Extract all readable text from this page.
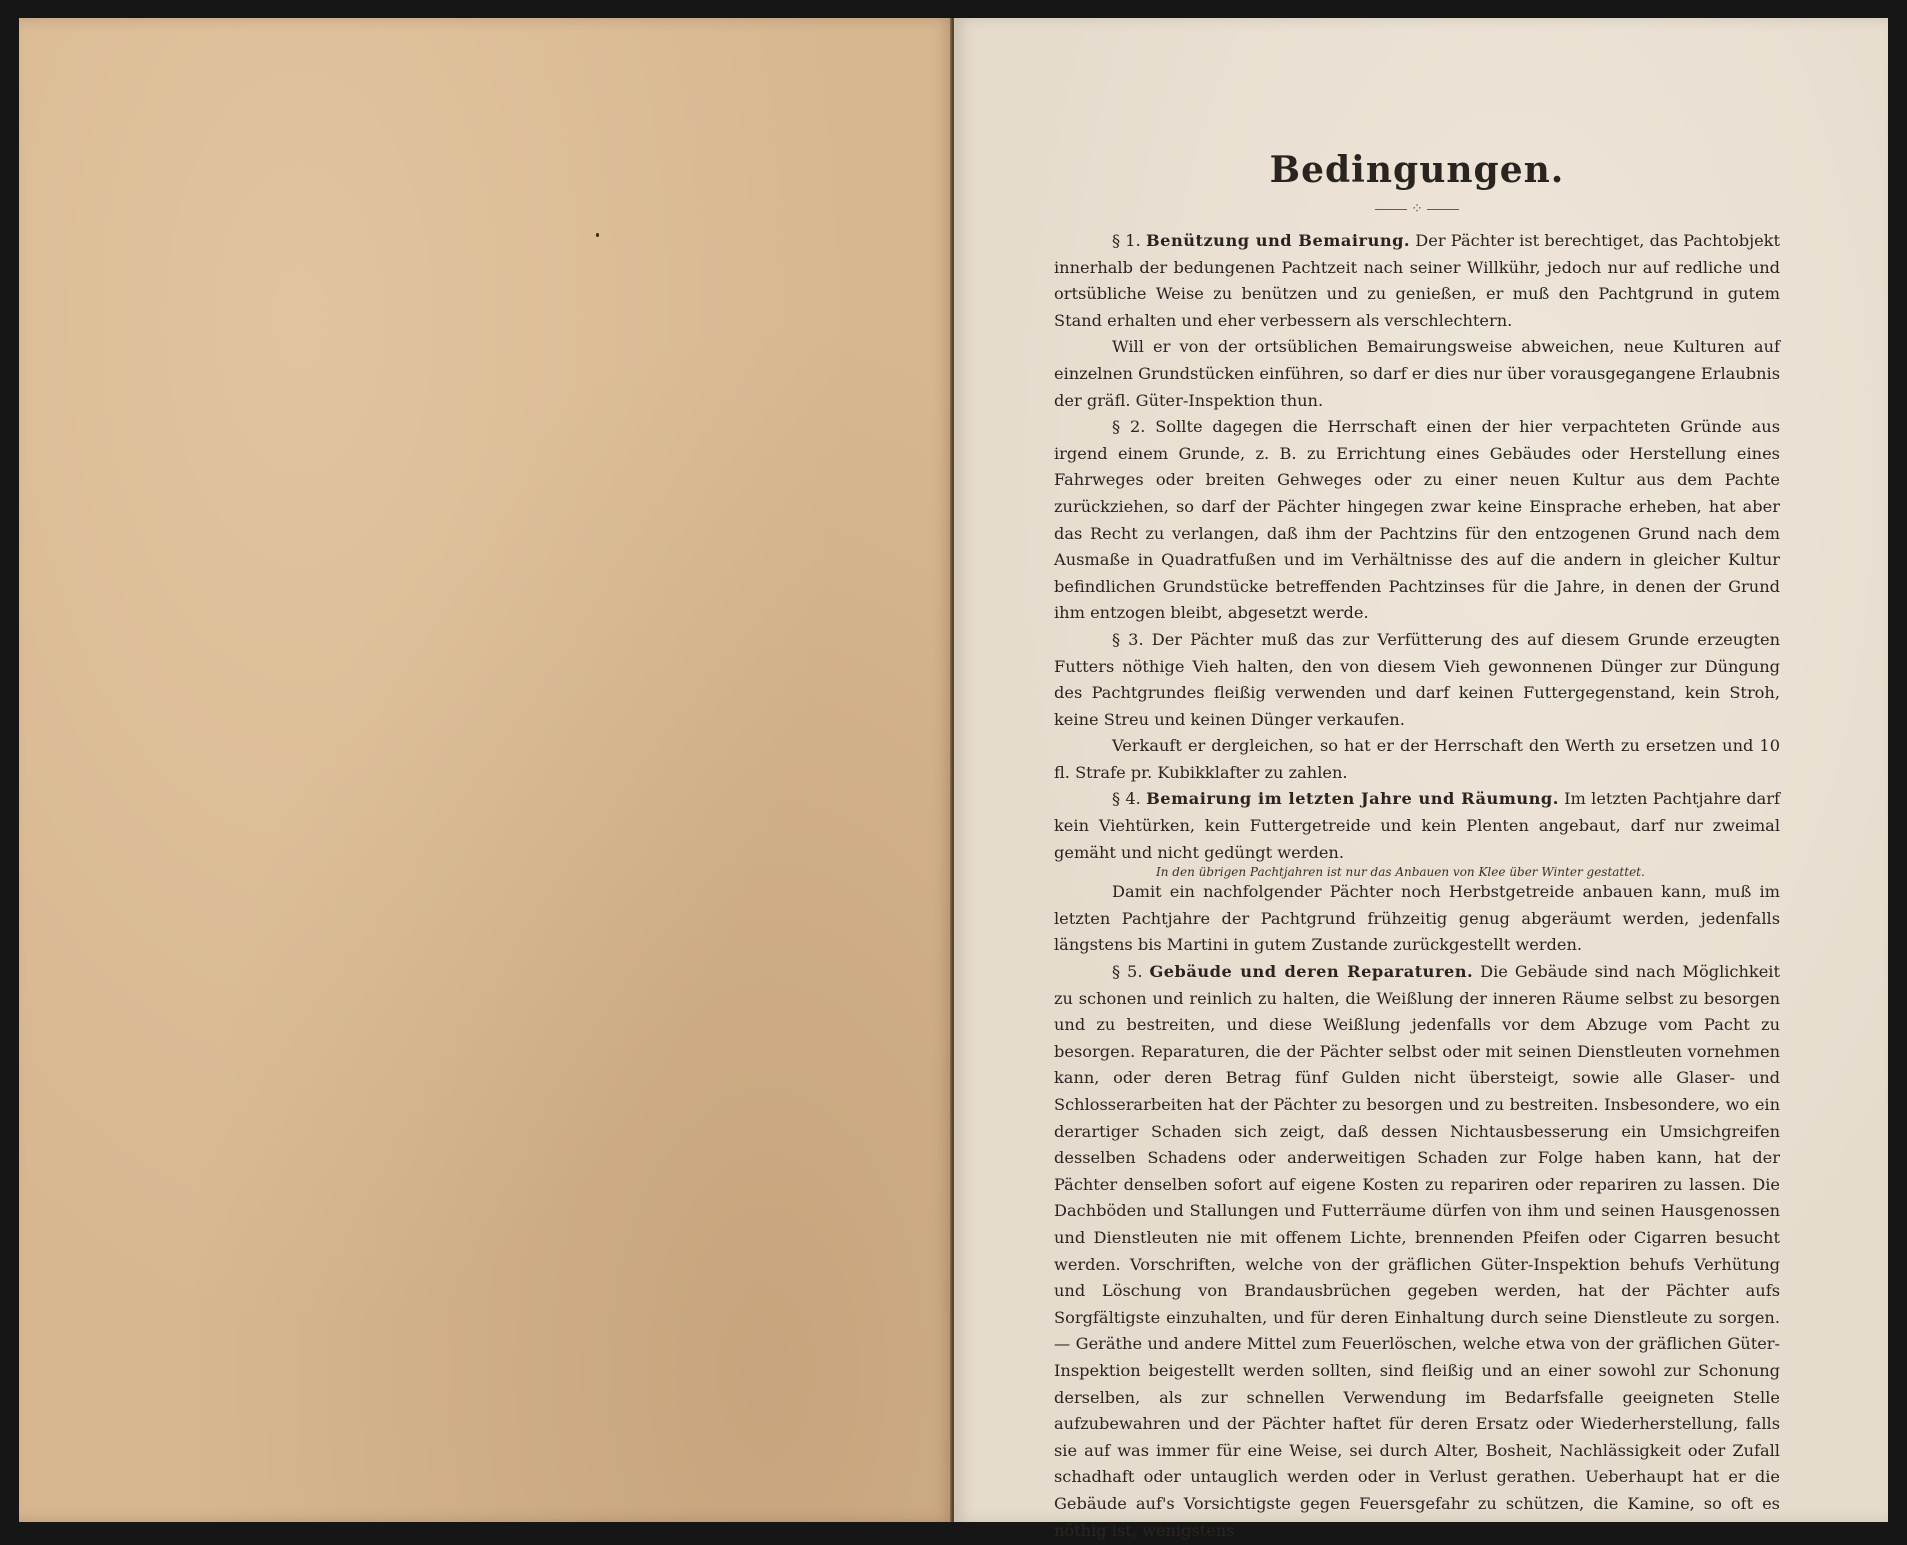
Bedingungen.
⁘

§ 1. Benützung und Bemairung. Der Pächter ist berechtiget, das Pachtobjekt innerhalb der bedungenen Pachtzeit nach seiner Willkühr, jedoch nur auf redliche und ortsübliche Weise zu benützen und zu genießen, er muß den Pachtgrund in gutem Stand erhalten und eher verbessern als verschlechtern.

Will er von der ortsüblichen Bemairungsweise abweichen, neue Kulturen auf einzelnen Grundstücken einführen, so darf er dies nur über vorausgegangene Erlaubnis der gräfl. Güter-Inspektion thun.

§ 2. Sollte dagegen die Herrschaft einen der hier verpachteten Gründe aus irgend einem Grunde, z. B. zu Errichtung eines Gebäudes oder Herstellung eines Fahrweges oder breiten Gehweges oder zu einer neuen Kultur aus dem Pachte zurückziehen, so darf der Pächter hingegen zwar keine Einsprache erheben, hat aber das Recht zu verlangen, daß ihm der Pachtzins für den entzogenen Grund nach dem Ausmaße in Quadratfußen und im Verhältnisse des auf die andern in gleicher Kultur befindlichen Grundstücke betreffenden Pachtzinses für die Jahre, in denen der Grund ihm entzogen bleibt, abgesetzt werde.

§ 3. Der Pächter muß das zur Verfütterung des auf diesem Grunde erzeugten Futters nöthige Vieh halten, den von diesem Vieh gewonnenen Dünger zur Düngung des Pachtgrundes fleißig verwenden und darf keinen Futtergegenstand, kein Stroh, keine Streu und keinen Dünger verkaufen.

Verkauft er dergleichen, so hat er der Herrschaft den Werth zu ersetzen und 10 fl. Strafe pr. Kubikklafter zu zahlen.

§ 4. Bemairung im letzten Jahre und Räumung. Im letzten Pachtjahre darf kein Viehtürken, kein Futtergetreide und kein Plenten angebaut, darf nur zweimal gemäht und nicht gedüngt werden.

In den übrigen Pachtjahren ist nur das Anbauen von Klee über Winter gestattet.

Damit ein nachfolgender Pächter noch Herbstgetreide anbauen kann, muß im letzten Pachtjahre der Pachtgrund frühzeitig genug abgeräumt werden, jedenfalls längstens bis Martini in gutem Zustande zurückgestellt werden.

§ 5. Gebäude und deren Reparaturen. Die Gebäude sind nach Möglichkeit zu schonen und reinlich zu halten, die Weißlung der inneren Räume selbst zu besorgen und zu bestreiten, und diese Weißlung jedenfalls vor dem Abzuge vom Pacht zu besorgen. Reparaturen, die der Pächter selbst oder mit seinen Dienstleuten vornehmen kann, oder deren Betrag fünf Gulden nicht übersteigt, sowie alle Glaser- und Schlosserarbeiten hat der Pächter zu besorgen und zu bestreiten. Insbesondere, wo ein derartiger Schaden sich zeigt, daß dessen Nichtausbesserung ein Umsichgreifen desselben Schadens oder anderweitigen Schaden zur Folge haben kann, hat der Pächter denselben sofort auf eigene Kosten zu repariren oder repariren zu lassen. Die Dachböden und Stallungen und Futterräume dürfen von ihm und seinen Hausgenossen und Dienstleuten nie mit offenem Lichte, brennenden Pfeifen oder Cigarren besucht werden. Vorschriften, welche von der gräflichen Güter-Inspektion behufs Verhütung und Löschung von Brandausbrüchen gegeben werden, hat der Pächter aufs Sorgfältigste einzuhalten, und für deren Einhaltung durch seine Dienstleute zu sorgen. — Geräthe und andere Mittel zum Feuerlöschen, welche etwa von der gräflichen Güter-Inspektion beigestellt werden sollten, sind fleißig und an einer sowohl zur Schonung derselben, als zur schnellen Verwendung im Bedarfsfalle geeigneten Stelle aufzubewahren und der Pächter haftet für deren Ersatz oder Wiederherstellung, falls sie auf was immer für eine Weise, sei durch Alter, Bosheit, Nachlässigkeit oder Zufall schadhaft oder untauglich werden oder in Verlust gerathen. Ueberhaupt hat er die Gebäude auf's Vorsichtigste gegen Feuersgefahr zu schützen, die Kamine, so oft es nöthig ist, wenigstens
